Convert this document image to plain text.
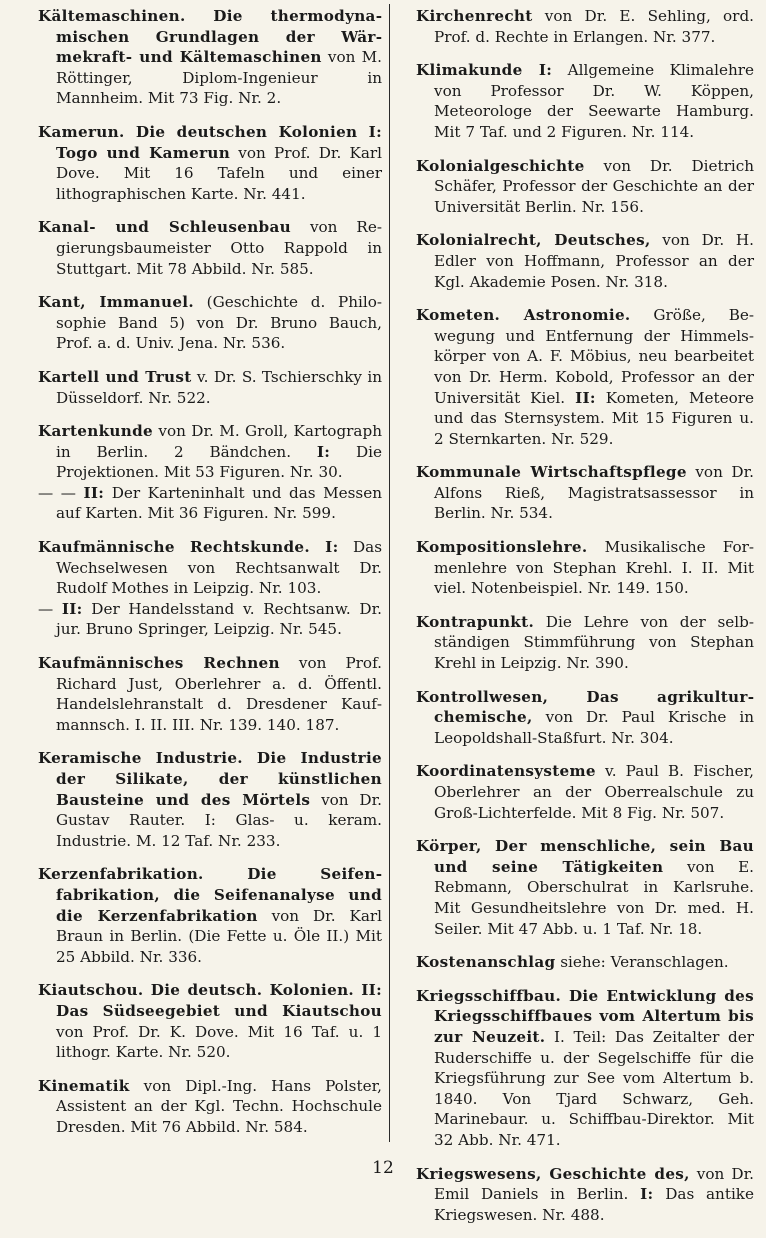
Kältemaschinen. Die thermodynamischen Grundlagen der Wärmekraft- und Kältemaschinen von M. Röttinger, Diplom-Ingenieur in Mannheim. Mit 73 Fig. Nr. 2.

Kamerun. Die deutschen Kolonien I: Togo und Kamerun von Prof. Dr. Karl Dove. Mit 16 Tafeln und einer lithographischen Karte. Nr. 441.

Kanal- und Schleusenbau von Regierungsbaumeister Otto Rappold in Stuttgart. Mit 78 Abbild. Nr. 585.

Kant, Immanuel. (Geschichte d. Philosophie Band 5) von Dr. Bruno Bauch, Prof. a. d. Univ. Jena. Nr. 536.

Kartell und Trust v. Dr. S. Tschierschky in Düsseldorf. Nr. 522.

Kartenkunde von Dr. M. Groll, Kartograph in Berlin. 2 Bändchen. I: Die Projektionen. Mit 53 Figuren. Nr. 30.

— — II: Der Karteninhalt und das Messen auf Karten. Mit 36 Figuren. Nr. 599.

Kaufmännische Rechtskunde. I: Das Wechselwesen von Rechtsanwalt Dr. Rudolf Mothes in Leipzig. Nr. 103.

— II: Der Handelsstand v. Rechtsanw. Dr. jur. Bruno Springer, Leipzig. Nr. 545.

Kaufmännisches Rechnen von Prof. Richard Just, Oberlehrer a. d. Öffentl. Handelslehranstalt d. Dresdener Kaufmannsch. I. II. III. Nr. 139. 140. 187.

Keramische Industrie. Die Industrie der Silikate, der künstlichen Bausteine und des Mörtels von Dr. Gustav Rauter. I: Glas- u. keram. Industrie. M. 12 Taf. Nr. 233.

Kerzenfabrikation. Die Seifenfabrikation, die Seifenanalyse und die Kerzenfabrikation von Dr. Karl Braun in Berlin. (Die Fette u. Öle II.) Mit 25 Abbild. Nr. 336.

Kiautschou. Die deutsch. Kolonien. II: Das Südseegebiet und Kiautschou von Prof. Dr. K. Dove. Mit 16 Taf. u. 1 lithogr. Karte. Nr. 520.

Kinematik von Dipl.-Ing. Hans Polster, Assistent an der Kgl. Techn. Hochschule Dresden. Mit 76 Abbild. Nr. 584.

Kirchenrecht von Dr. E. Sehling, ord. Prof. d. Rechte in Erlangen. Nr. 377.

Klimakunde I: Allgemeine Klimalehre von Professor Dr. W. Köppen, Meteorologe der Seewarte Hamburg. Mit 7 Taf. und 2 Figuren. Nr. 114.

Kolonialgeschichte von Dr. Dietrich Schäfer, Professor der Geschichte an der Universität Berlin. Nr. 156.

Kolonialrecht, Deutsches, von Dr. H. Edler von Hoffmann, Professor an der Kgl. Akademie Posen. Nr. 318.

Kometen. Astronomie. Größe, Bewegung und Entfernung der Himmelskörper von A. F. Möbius, neu bearbeitet von Dr. Herm. Kobold, Professor an der Universität Kiel. II: Kometen, Meteore und das Sternsystem. Mit 15 Figuren u. 2 Sternkarten. Nr. 529.

Kommunale Wirtschaftspflege von Dr. Alfons Rieß, Magistratsassessor in Berlin. Nr. 534.

Kompositionslehre. Musikalische Formenlehre von Stephan Krehl. I. II. Mit viel. Notenbeispiel. Nr. 149. 150.

Kontrapunkt. Die Lehre von der selbständigen Stimmführung von Stephan Krehl in Leipzig. Nr. 390.

Kontrollwesen, Das agrikulturchemische, von Dr. Paul Krische in Leopoldshall-Staßfurt. Nr. 304.

Koordinatensysteme v. Paul B. Fischer, Oberlehrer an der Oberrealschule zu Groß-Lichterfelde. Mit 8 Fig. Nr. 507.

Körper, Der menschliche, sein Bau und seine Tätigkeiten von E. Rebmann, Oberschulrat in Karlsruhe. Mit Gesundheitslehre von Dr. med. H. Seiler. Mit 47 Abb. u. 1 Taf. Nr. 18.

Kostenanschlag siehe: Veranschlagen.

Kriegsschiffbau. Die Entwicklung des Kriegsschiffbaues vom Altertum bis zur Neuzeit. I. Teil: Das Zeitalter der Ruderschiffe u. der Segelschiffe für die Kriegsführung zur See vom Altertum b. 1840. Von Tjard Schwarz, Geh. Marinebaur. u. Schiffbau-Direktor. Mit 32 Abb. Nr. 471.

Kriegswesens, Geschichte des, von Dr. Emil Daniels in Berlin. I: Das antike Kriegswesen. Nr. 488.

12
